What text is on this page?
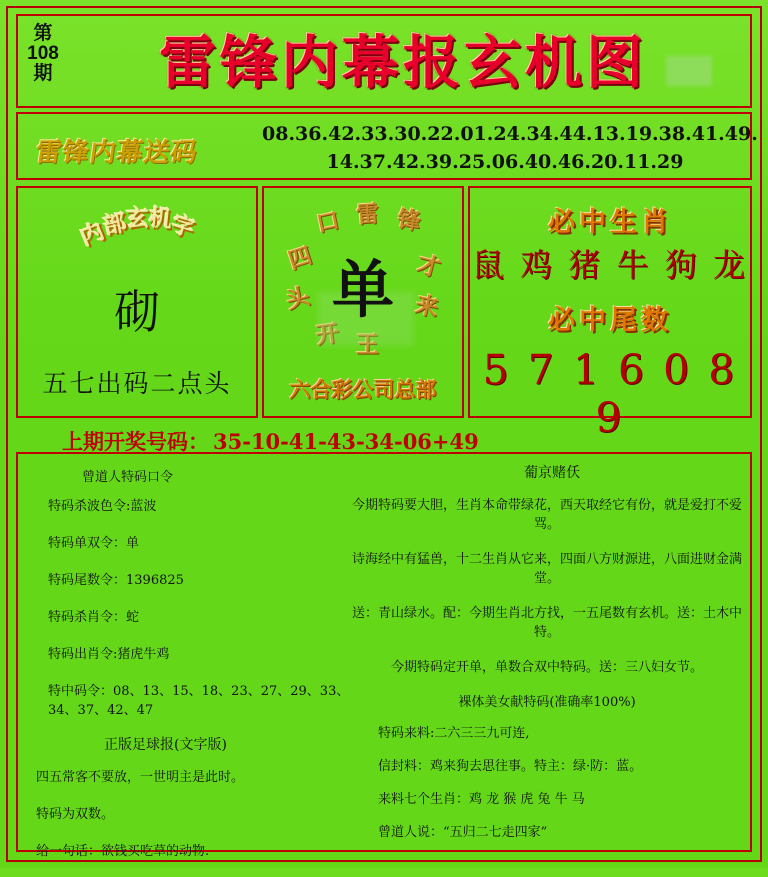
第108期	雷锋内幕报玄机图
雷锋内幕送码
08.36.42.33.30.22.01.24.34.44.13.19.38.41.49.
14.37.42.39.25.06.40.46.20.11.29
内部玄机字
砌
五七出码二点头
口 雷 锋
四	才
头	来
开 王
单
六合彩公司总部
必中生肖
鼠 鸡 猪 牛 狗 龙
必中尾数
5 7 1 6 0 8 9
上期开奖号码： 35-10-41-43-34-06+49
曾道人特码口令
特码杀波色令:蓝波
特码单双令：单
特码尾数令：1396825
特码杀肖令：蛇
特码出肖令:猪虎牛鸡
特中码令：08、13、15、18、23、27、29、33、34、37、42、47
正版足球报(文字版)
四五常客不要放，一世明主是此时。
特码为双数。
给一句话：欲钱买吃草的动物.
葡京赌仸
今期特码要大胆，生肖本命带绿花，西天取经它有份，就是爱打不爱骂。
诗海经中有猛兽，十二生肖从它来，四面八方财源进，八面进财金满堂。
送：青山绿水。配：今期生肖北方找，一五尾数有玄机。送：土木中特。
今期特码定开单，单数合双中特码。送：三八妇女节。
裸体美女献特码(准确率100%)
特码来料:二六三三九可连,
信封料：鸡来狗去思往事。特主：绿·防：蓝。
来料七个生肖：鸡 龙 猴 虎 兔 牛 马
曾道人说：“五归二七走四家”
